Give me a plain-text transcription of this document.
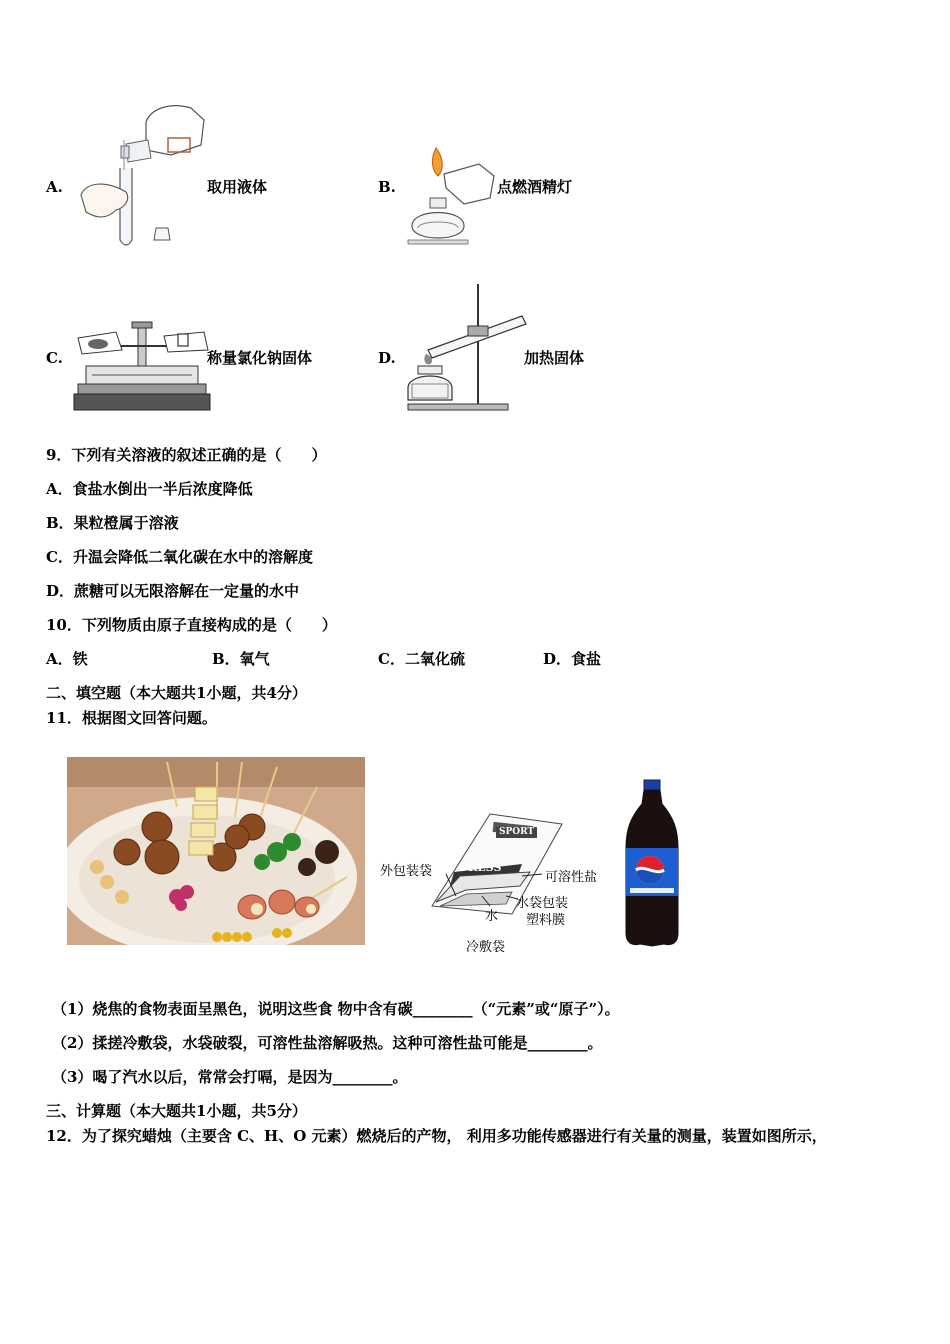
A.	取用液体	B.	点燃酒精灯
C.	称量氯化钠固体	D.	加热固体
9．下列有关溶液的叙述正确的是（　　）
A．食盐水倒出一半后浓度降低
B．果粒橙属于溶液
C．升温会降低二氧化碳在水中的溶解度
D．蔗糖可以无限溶解在一定量的水中
10．下列物质由原子直接构成的是（　　）
A．铁	B．氧气	C．二氧化硫	D．食盐
二、填空题（本大题共1小题，共4分）
11．根据图文回答问题。
SPORT
PRESS
外包装袋	可溶性盐
水
水袋包装
塑料膜
冷敷袋
（1）烧焦的食物表面呈黑色，说明这些食 物中含有碳________（“元素”或“原子”）。
（2）揉搓冷敷袋，水袋破裂，可溶性盐溶解吸热。这种可溶性盐可能是________。
（3）喝了汽水以后，常常会打嗝，是因为________。
三、计算题（本大题共1小题，共5分）
12．为了探究蜡烛（主要含 C、H、O 元素）燃烧后的产物， 利用多功能传感器进行有关量的测量，装置如图所示，
